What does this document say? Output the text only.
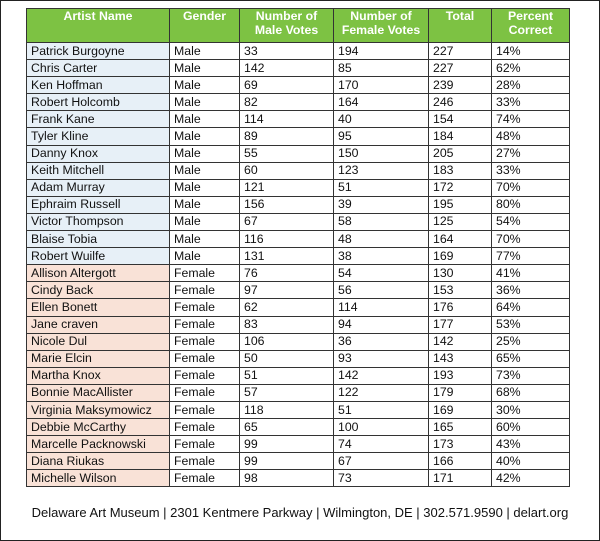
Artist Name	Gender	Number of Male Votes	Number of Female Votes	Total	Percent Correct
Patrick Burgoyne	Male	33	194	227	14%
Chris Carter	Male	142	85	227	62%
Ken Hoffman	Male	69	170	239	28%
Robert Holcomb	Male	82	164	246	33%
Frank Kane	Male	114	40	154	74%
Tyler Kline	Male	89	95	184	48%
Danny Knox	Male	55	150	205	27%
Keith Mitchell	Male	60	123	183	33%
Adam Murray	Male	121	51	172	70%
Ephraim Russell	Male	156	39	195	80%
Victor Thompson	Male	67	58	125	54%
Blaise Tobia	Male	116	48	164	70%
Robert Wuilfe	Male	131	38	169	77%
Allison Altergott	Female	76	54	130	41%
Cindy Back	Female	97	56	153	36%
Ellen Bonett	Female	62	114	176	64%
Jane craven	Female	83	94	177	53%
Nicole Dul	Female	106	36	142	25%
Marie Elcin	Female	50	93	143	65%
Martha Knox	Female	51	142	193	73%
Bonnie MacAllister	Female	57	122	179	68%
Virginia Maksymowicz	Female	118	51	169	30%
Debbie McCarthy	Female	65	100	165	60%
Marcelle Packnowski	Female	99	74	173	43%
Diana Riukas	Female	99	67	166	40%
Michelle Wilson	Female	98	73	171	42%
Delaware Art Museum | 2301 Kentmere Parkway | Wilmington, DE | 302.571.9590 | delart.org
